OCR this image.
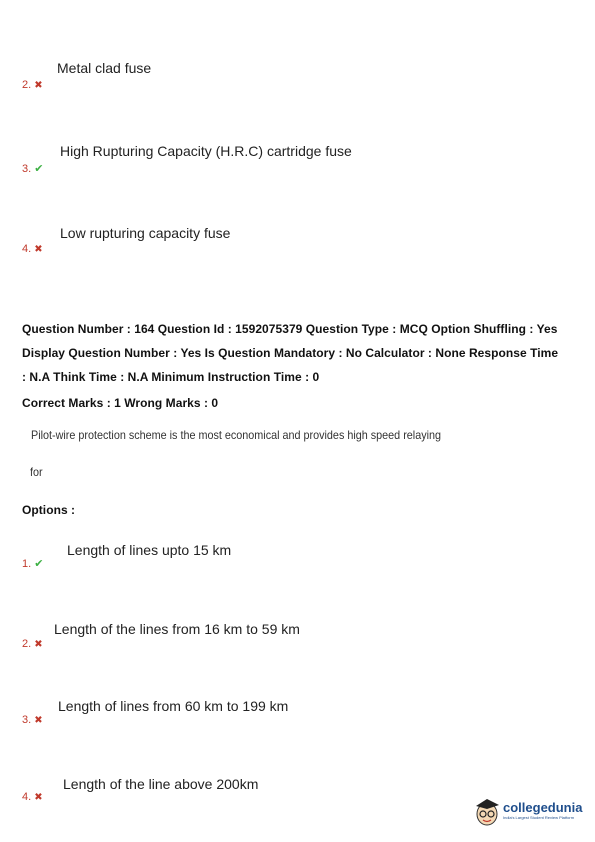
Metal clad fuse
2. ✖
High Rupturing Capacity (H.R.C) cartridge fuse
3. ✔
Low rupturing capacity fuse
4. ✖
Question Number : 164 Question Id : 1592075379 Question Type : MCQ Option Shuffling : Yes
Display Question Number : Yes Is Question Mandatory : No Calculator : None Response Time
: N.A Think Time : N.A Minimum Instruction Time : 0
Correct Marks : 1 Wrong Marks : 0
Pilot-wire protection scheme is the most economical and provides high speed relaying
for
Options :
Length of lines upto 15 km
1. ✔
Length of the lines from 16 km to 59 km
2. ✖
Length of lines from 60 km to 199 km
3. ✖
Length of the line above 200km
4. ✖
collegedunia
India's Largest Student Review Platform
